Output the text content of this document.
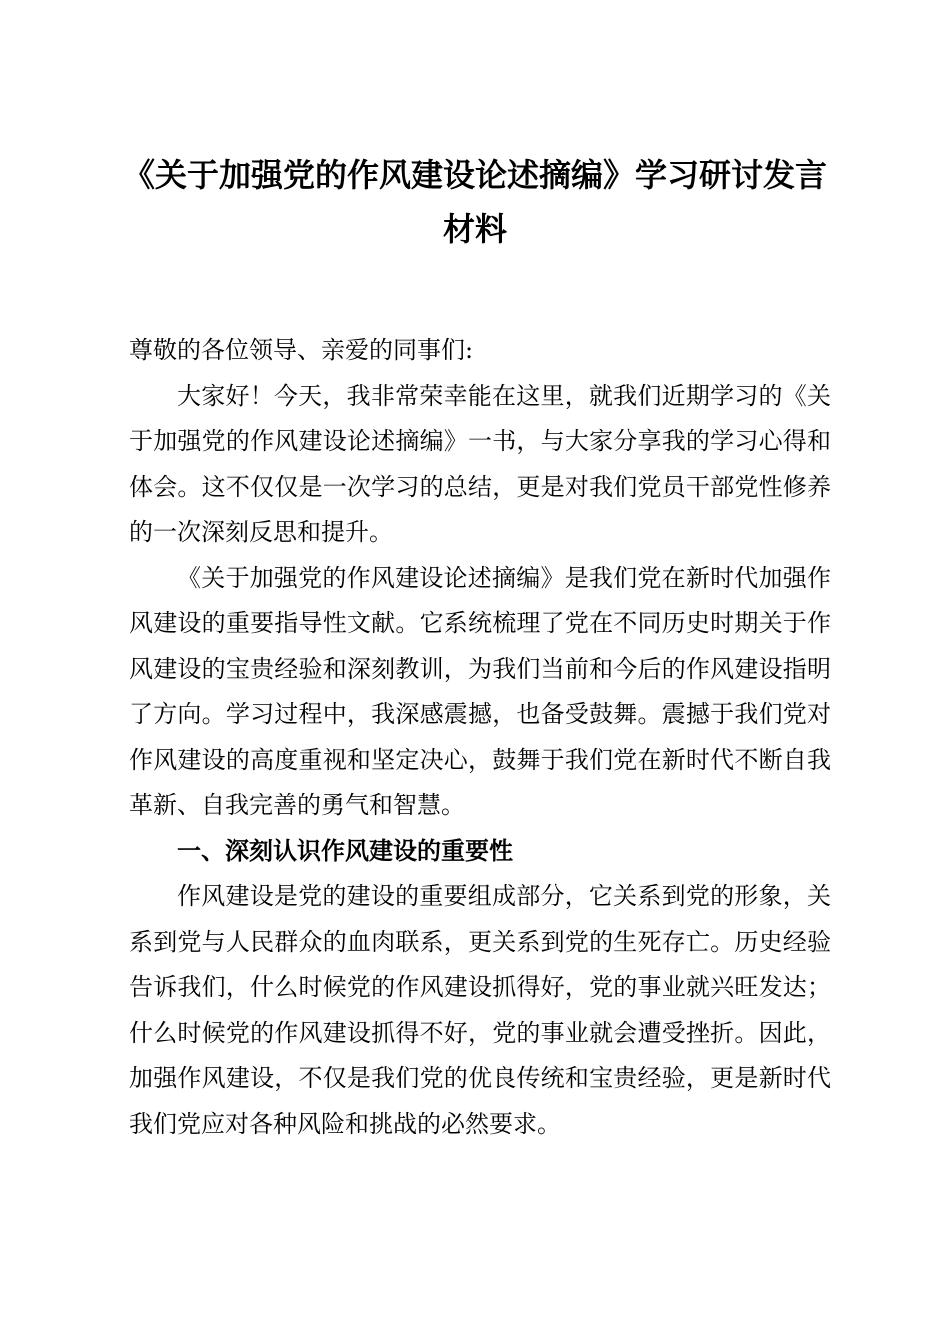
《关于加强党的作风建设论述摘编》学习研讨发言材料

尊敬的各位领导、亲爱的同事们:

大家好！今天，我非常荣幸能在这里，就我们近期学习的《关于加强党的作风建设论述摘编》一书，与大家分享我的学习心得和体会。这不仅仅是一次学习的总结，更是对我们党员干部党性修养的一次深刻反思和提升。

《关于加强党的作风建设论述摘编》是我们党在新时代加强作风建设的重要指导性文献。它系统梳理了党在不同历史时期关于作风建设的宝贵经验和深刻教训，为我们当前和今后的作风建设指明了方向。学习过程中，我深感震撼，也备受鼓舞。震撼于我们党对作风建设的高度重视和坚定决心，鼓舞于我们党在新时代不断自我革新、自我完善的勇气和智慧。

一、深刻认识作风建设的重要性

作风建设是党的建设的重要组成部分，它关系到党的形象，关系到党与人民群众的血肉联系，更关系到党的生死存亡。历史经验告诉我们，什么时候党的作风建设抓得好，党的事业就兴旺发达；什么时候党的作风建设抓得不好，党的事业就会遭受挫折。因此，加强作风建设，不仅是我们党的优良传统和宝贵经验，更是新时代我们党应对各种风险和挑战的必然要求。
